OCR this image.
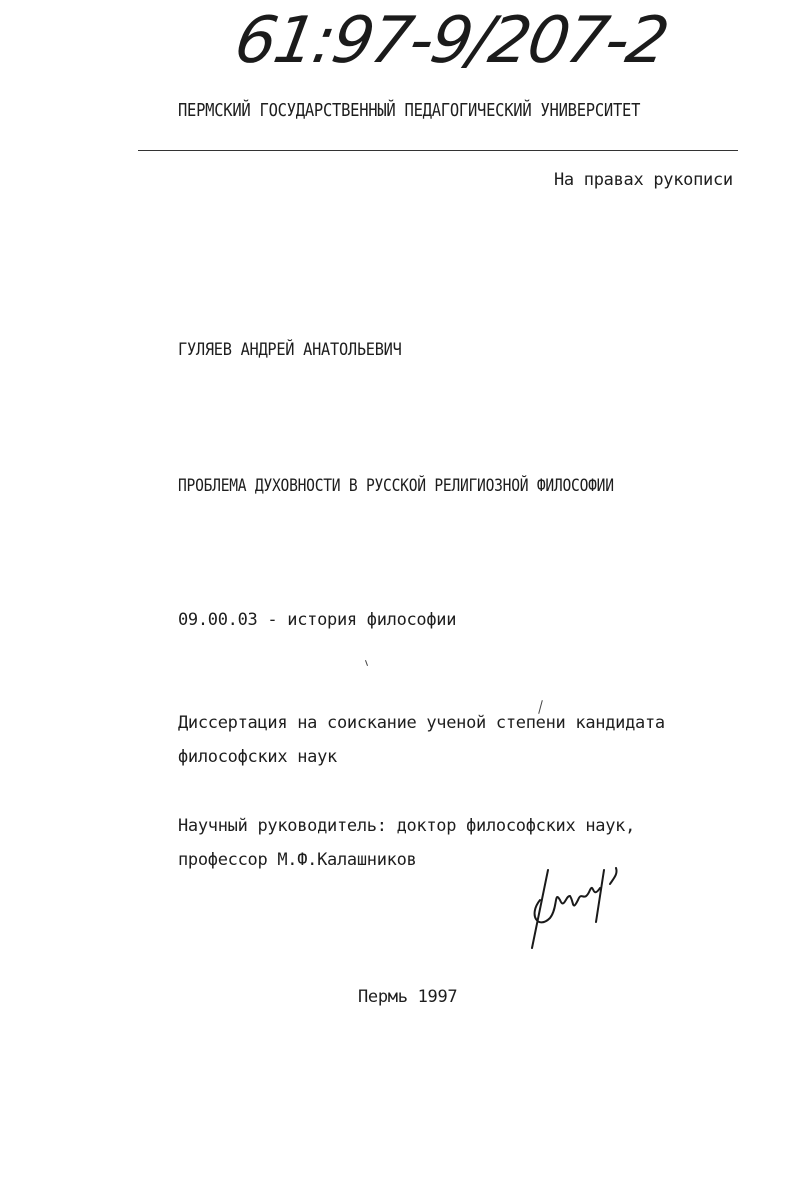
61:97-9/207-2
ПЕРМСКИЙ ГОСУДАРСТВЕННЫЙ ПЕДАГОГИЧЕСКИЙ УНИВЕРСИТЕТ
На правах рукописи
ГУЛЯЕВ АНДРЕЙ АНАТОЛЬЕВИЧ
ПРОБЛЕМА ДУХОВНОСТИ В РУССКОЙ РЕЛИГИОЗНОЙ ФИЛОСОФИИ
09.00.03 - история философии
Диссертация на соискание ученой степени кандидата
философских наук
Научный руководитель: доктор философских наук,
профессор М.Ф.Калашников
Пермь 1997
